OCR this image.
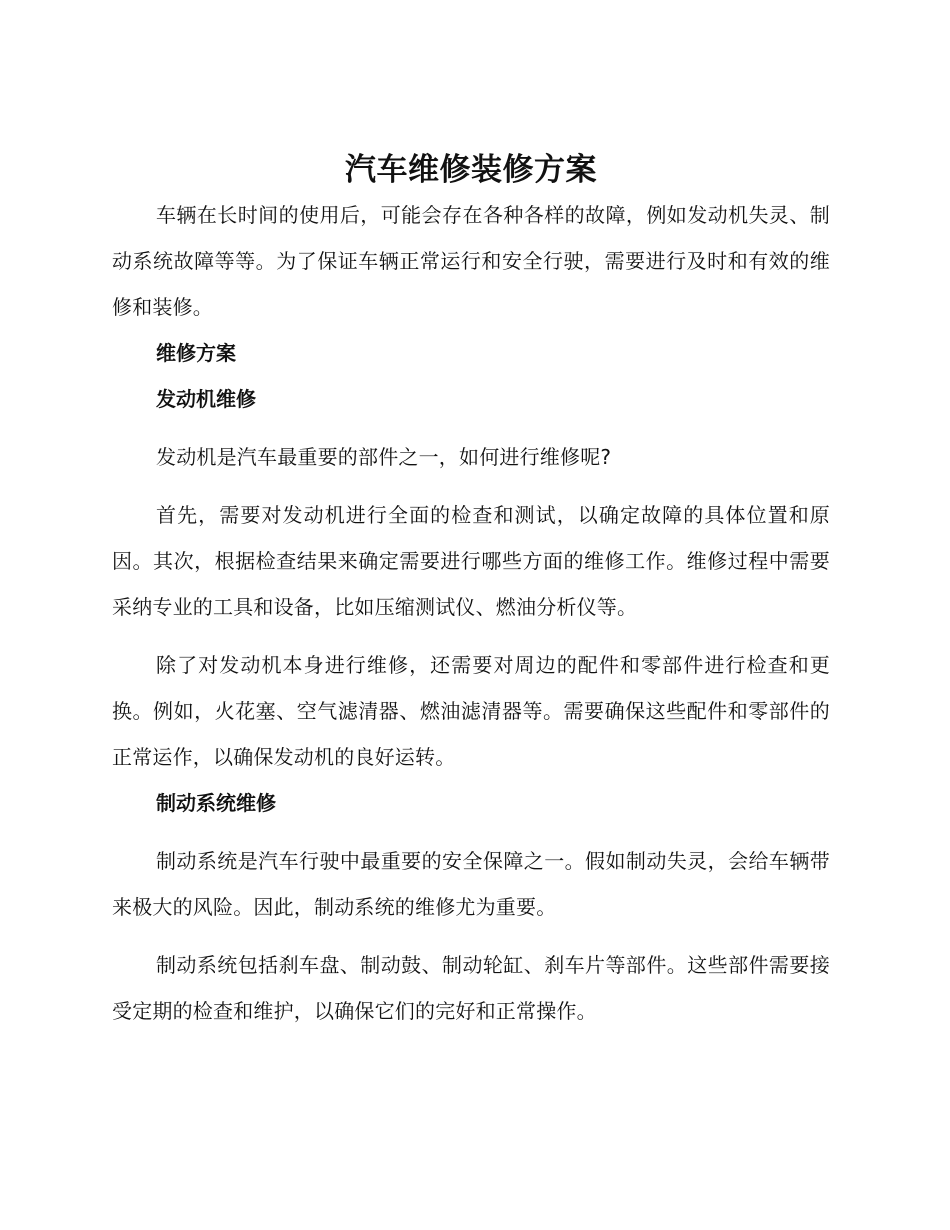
汽车维修装修方案

车辆在长时间的使用后，可能会存在各种各样的故障，例如发动机失灵、制动系统故障等等。为了保证车辆正常运行和安全行驶，需要进行及时和有效的维修和装修。

维修方案

发动机维修

发动机是汽车最重要的部件之一，如何进行维修呢?

首先，需要对发动机进行全面的检查和测试，以确定故障的具体位置和原因。其次，根据检查结果来确定需要进行哪些方面的维修工作。维修过程中需要采纳专业的工具和设备，比如压缩测试仪、燃油分析仪等。

除了对发动机本身进行维修，还需要对周边的配件和零部件进行检查和更换。例如，火花塞、空气滤清器、燃油滤清器等。需要确保这些配件和零部件的正常运作，以确保发动机的良好运转。

制动系统维修

制动系统是汽车行驶中最重要的安全保障之一。假如制动失灵，会给车辆带来极大的风险。因此，制动系统的维修尤为重要。

制动系统包括刹车盘、制动鼓、制动轮缸、刹车片等部件。这些部件需要接受定期的检查和维护，以确保它们的完好和正常操作。
